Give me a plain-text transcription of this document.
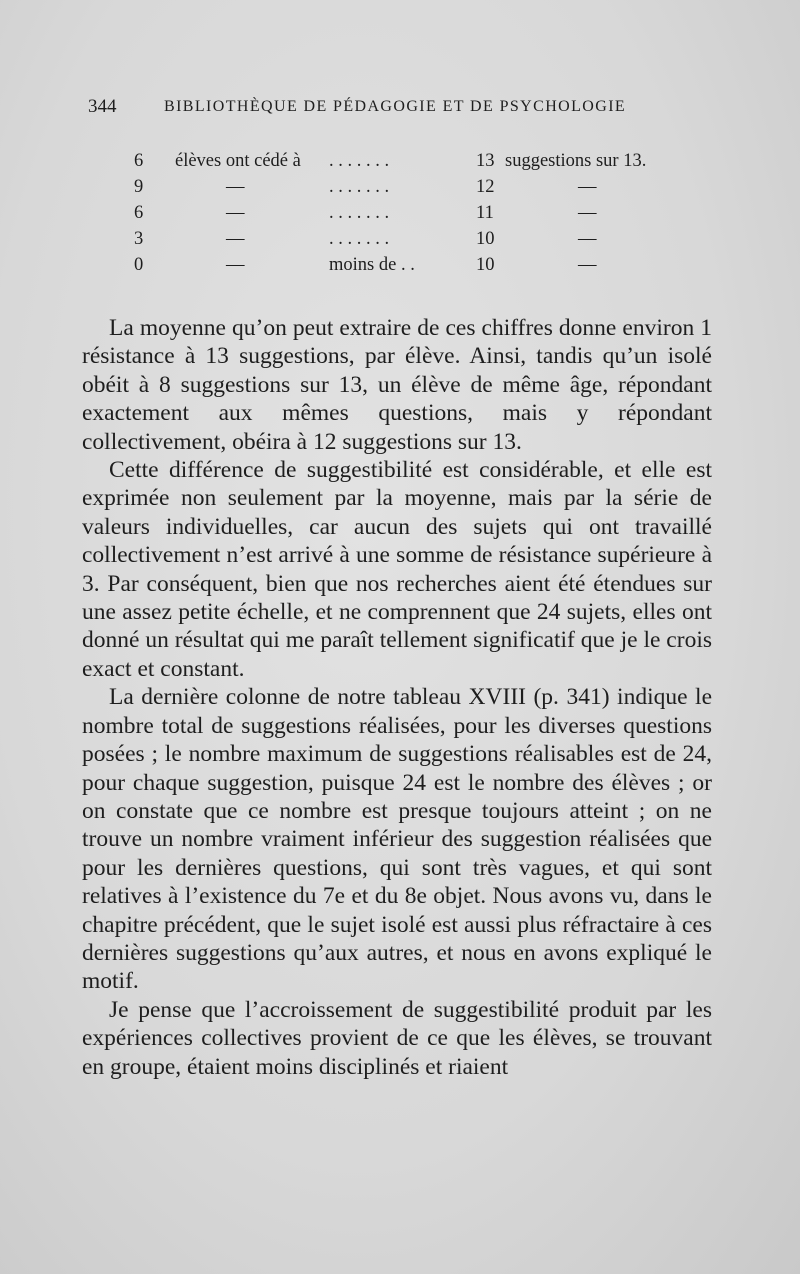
344	BIBLIOTHÈQUE DE PÉDAGOGIE ET DE PSYCHOLOGIE
6 élèves ont cédé à . . . . . . .	13 suggestions sur 13.
9	—	. . . . . . .	12	—
6	—	. . . . . . .	11	—
3	—	. . . . . . .	10	—
0	—	moins de . .	10	—

La moyenne qu’on peut extraire de ces chiffres donne environ 1 résistance à 13 suggestions, par élève. Ainsi, tandis qu’un isolé obéit à 8 suggestions sur 13, un élève de même âge, répondant exactement aux mêmes questions, mais y répondant collectivement, obéira à 12 suggestions sur 13.

Cette différence de suggestibilité est considérable, et elle est exprimée non seulement par la moyenne, mais par la série de valeurs individuelles, car aucun des sujets qui ont travaillé collectivement n’est arrivé à une somme de résistance supérieure à 3. Par conséquent, bien que nos recherches aient été étendues sur une assez petite échelle, et ne comprennent que 24 sujets, elles ont donné un résultat qui me paraît tellement significatif que je le crois exact et constant.

La dernière colonne de notre tableau XVIII (p. 341) indique le nombre total de suggestions réalisées, pour les diverses questions posées ; le nombre maximum de suggestions réalisables est de 24, pour chaque suggestion, puisque 24 est le nombre des élèves ; or on constate que ce nombre est presque toujours atteint ; on ne trouve un nombre vraiment inférieur des suggestion réalisées que pour les dernières questions, qui sont très vagues, et qui sont relatives à l’existence du 7e et du 8e objet. Nous avons vu, dans le chapitre précédent, que le sujet isolé est aussi plus réfractaire à ces dernières suggestions qu’aux autres, et nous en avons expliqué le motif.

Je pense que l’accroissement de suggestibilité produit par les expériences collectives provient de ce que les élèves, se trouvant en groupe, étaient moins disciplinés et riaient
